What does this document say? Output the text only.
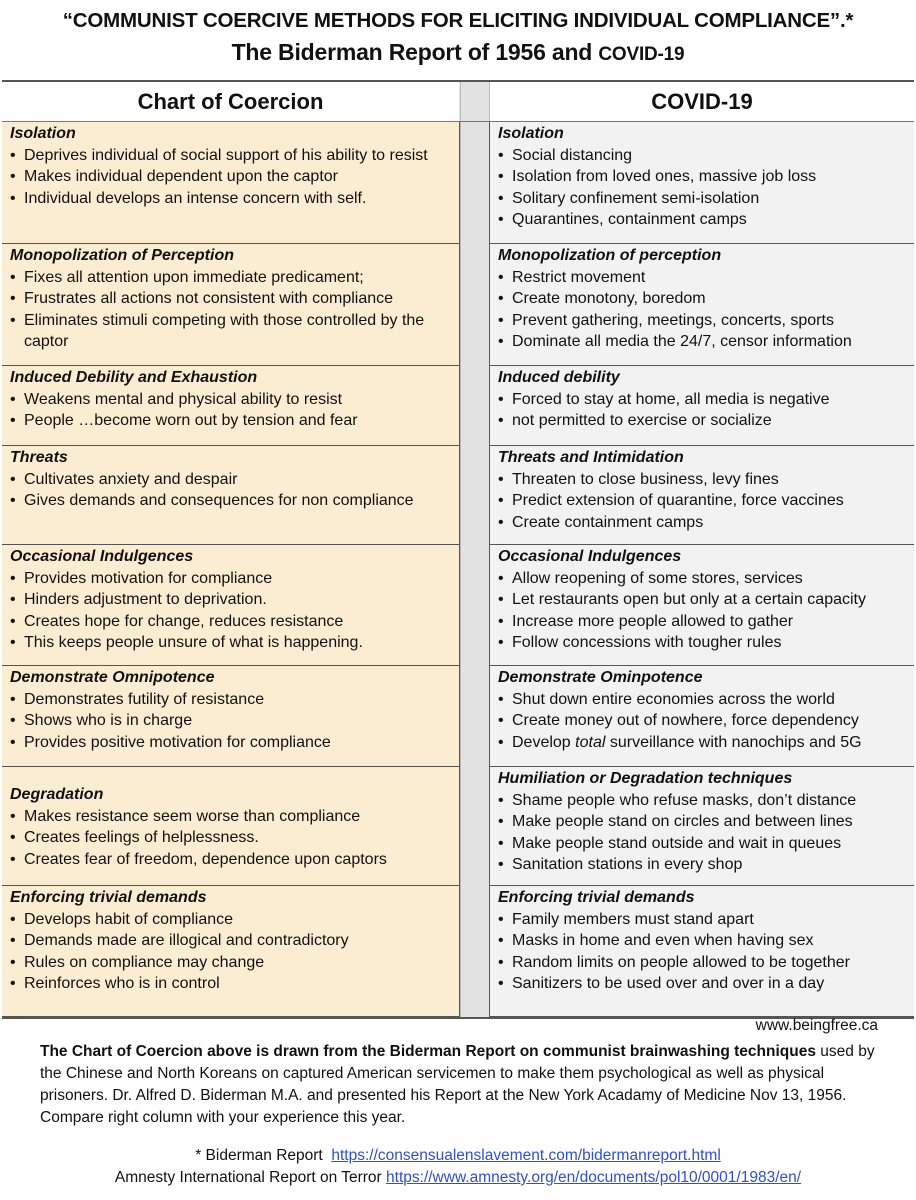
“COMMUNIST COERCIVE METHODS FOR ELICITING INDIVIDUAL COMPLIANCE”.*
The Biderman Report of 1956 and COVID-19
Chart of Coercion	COVID-19
Isolation
• Deprives individual of social support of his ability to resist
• Makes individual dependent upon the captor
• Individual develops an intense concern with self.
Monopolization of Perception
• Fixes all attention upon immediate predicament;
• Frustrates all actions not consistent with compliance
• Eliminates stimuli competing with those controlled by the captor
Induced Debility and Exhaustion
• Weakens mental and physical ability to resist
• People …become worn out by tension and fear
Threats
• Cultivates anxiety and despair
• Gives demands and consequences for non compliance
Occasional Indulgences
• Provides motivation for compliance
• Hinders adjustment to deprivation.
• Creates hope for change, reduces resistance
• This keeps people unsure of what is happening.
Demonstrate Omnipotence
• Demonstrates futility of resistance
• Shows who is in charge
• Provides positive motivation for compliance
Degradation
• Makes resistance seem worse than compliance
• Creates feelings of helplessness.
• Creates fear of freedom, dependence upon captors
Enforcing trivial demands
• Develops habit of compliance
• Demands made are illogical and contradictory
• Rules on compliance may change
• Reinforces who is in control
Isolation
• Social distancing
• Isolation from loved ones, massive job loss
• Solitary confinement semi-isolation
• Quarantines, containment camps
Monopolization of perception
• Restrict movement
• Create monotony, boredom
• Prevent gathering, meetings, concerts, sports
• Dominate all media the 24/7, censor information
Induced debility
• Forced to stay at home, all media is negative
• not permitted to exercise or socialize
Threats and Intimidation
• Threaten to close business, levy fines
• Predict extension of quarantine, force vaccines
• Create containment camps
Occasional Indulgences
• Allow reopening of some stores, services
• Let restaurants open but only at a certain capacity
• Increase more people allowed to gather
• Follow concessions with tougher rules
Demonstrate Ominpotence
• Shut down entire economies across the world
• Create money out of nowhere, force dependency
• Develop total surveillance with nanochips and 5G
Humiliation or Degradation techniques
• Shame people who refuse masks, don’t distance
• Make people stand on circles and between lines
• Make people stand outside and wait in queues
• Sanitation stations in every shop
Enforcing trivial demands
• Family members must stand apart
• Masks in home and even when having sex
• Random limits on people allowed to be together
• Sanitizers to be used over and over in a day
www.beingfree.ca
The Chart of Coercion above is drawn from the Biderman Report on communist brainwashing techniques used by the Chinese and North Koreans on captured American servicemen to make them psychological as well as physical prisoners. Dr. Alfred D. Biderman M.A. and presented his Report at the New York Acadamy of Medicine Nov 13, 1956. Compare right column with your experience this year.
* Biderman Report https://consensualenslavement.com/bidermanreport.html
Amnesty International Report on Terror https://www.amnesty.org/en/documents/pol10/0001/1983/en/
